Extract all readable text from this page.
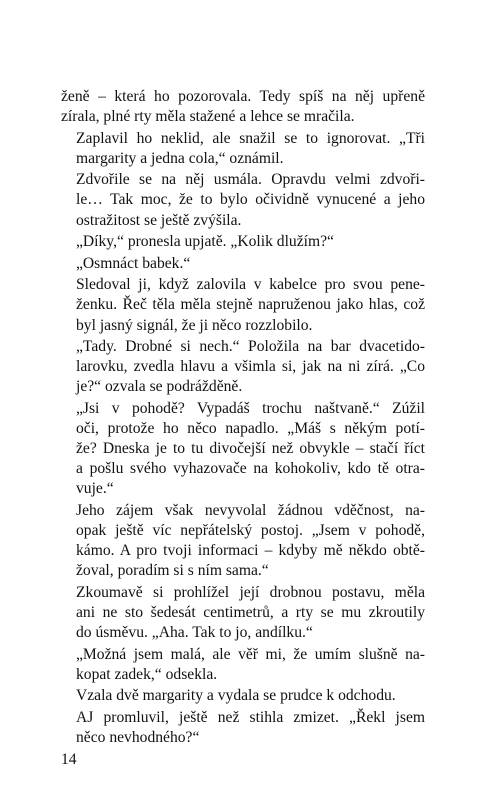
ženě – která ho pozorovala. Tedy spíš na něj upřeně
zírala, plné rty měla stažené a lehce se mračila.

Zaplavil ho neklid, ale snažil se to ignorovat. „Tři
margarity a jedna cola,“ oznámil.

Zdvořile se na něj usmála. Opravdu velmi zdvoři-
le… Tak moc, že to bylo očividně vynucené a jeho
ostražitost se ještě zvýšila.

„Díky,“ pronesla upjatě. „Kolik dlužím?“

„Osmnáct babek.“

Sledoval ji, když zalovila v kabelce pro svou pene-
ženku. Řeč těla měla stejně napruženou jako hlas, což
byl jasný signál, že ji něco rozzlobilo.

„Tady. Drobné si nech.“ Položila na bar dvacetido-
larovku, zvedla hlavu a všimla si, jak na ni zírá. „Co
je?“ ozvala se podrážděně.

„Jsi v pohodě? Vypadáš trochu naštvaně.“ Zúžil
oči, protože ho něco napadlo. „Máš s někým potí-
že? Dneska je to tu divočejší než obvykle – stačí říct
a pošlu svého vyhazovače na kohokoliv, kdo tě otra-
vuje.“

Jeho zájem však nevyvolal žádnou vděčnost, na-
opak ještě víc nepřátelský postoj. „Jsem v pohodě,
kámo. A pro tvoji informaci – kdyby mě někdo obtě-
žoval, poradím si s ním sama.“

Zkoumavě si prohlížel její drobnou postavu, měla
ani ne sto šedesát centimetrů, a rty se mu zkroutily
do úsměvu. „Aha. Tak to jo, andílku.“

„Možná jsem malá, ale věř mi, že umím slušně na-
kopat zadek,“ odsekla.

Vzala dvě margarity a vydala se prudce k odchodu.

AJ promluvil, ještě než stihla zmizet. „Řekl jsem
něco nevhodného?“

14
